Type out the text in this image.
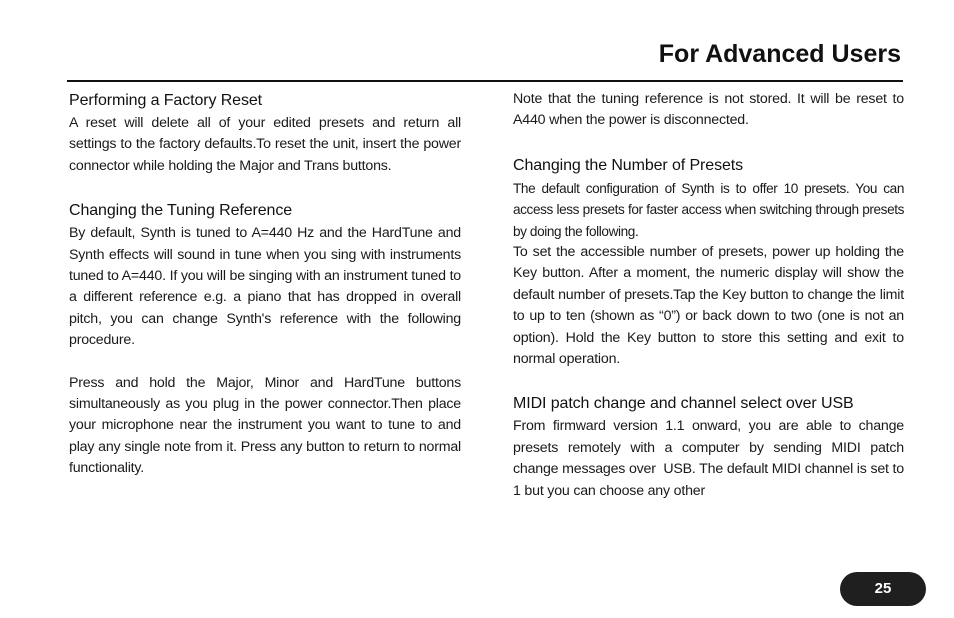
For Advanced Users
Performing a Factory Reset

A reset will delete all of your edited presets and return all settings to the factory defaults.To reset the unit, insert the power connector while holding the Major and Trans buttons.

Changing the Tuning Reference

By default, Synth is tuned to A=440 Hz and the HardTune and Synth effects will sound in tune when you sing with instruments tuned to A=440. If you will be singing with an instrument tuned to a different reference e.g. a piano that has dropped in overall pitch, you can change Synth's reference with the following procedure.

Press and hold the Major, Minor and HardTune buttons simultaneously as you plug in the power connector.Then place your microphone near the instrument you want to tune to and play any single note from it. Press any button to return to normal functionality.

Note that the tuning reference is not stored. It will be reset to A440 when the power is disconnected.

Changing the Number of Presets

The default configuration of Synth is to offer 10 presets. You can access less presets for faster access when switching through presets by doing the following.

To set the accessible number of presets, power up holding the Key button. After a moment, the numeric display will show the default number of presets.Tap the Key button to change the limit to up to ten (shown as “0”) or back down to two (one is not an option). Hold the Key button to store this setting and exit to normal operation.

MIDI patch change and channel select over USB

From firmward version 1.1 onward, you are able to change presets remotely with a computer by sending MIDI patch change messages over  USB. The default MIDI channel is set to 1 but you can choose any other

25
